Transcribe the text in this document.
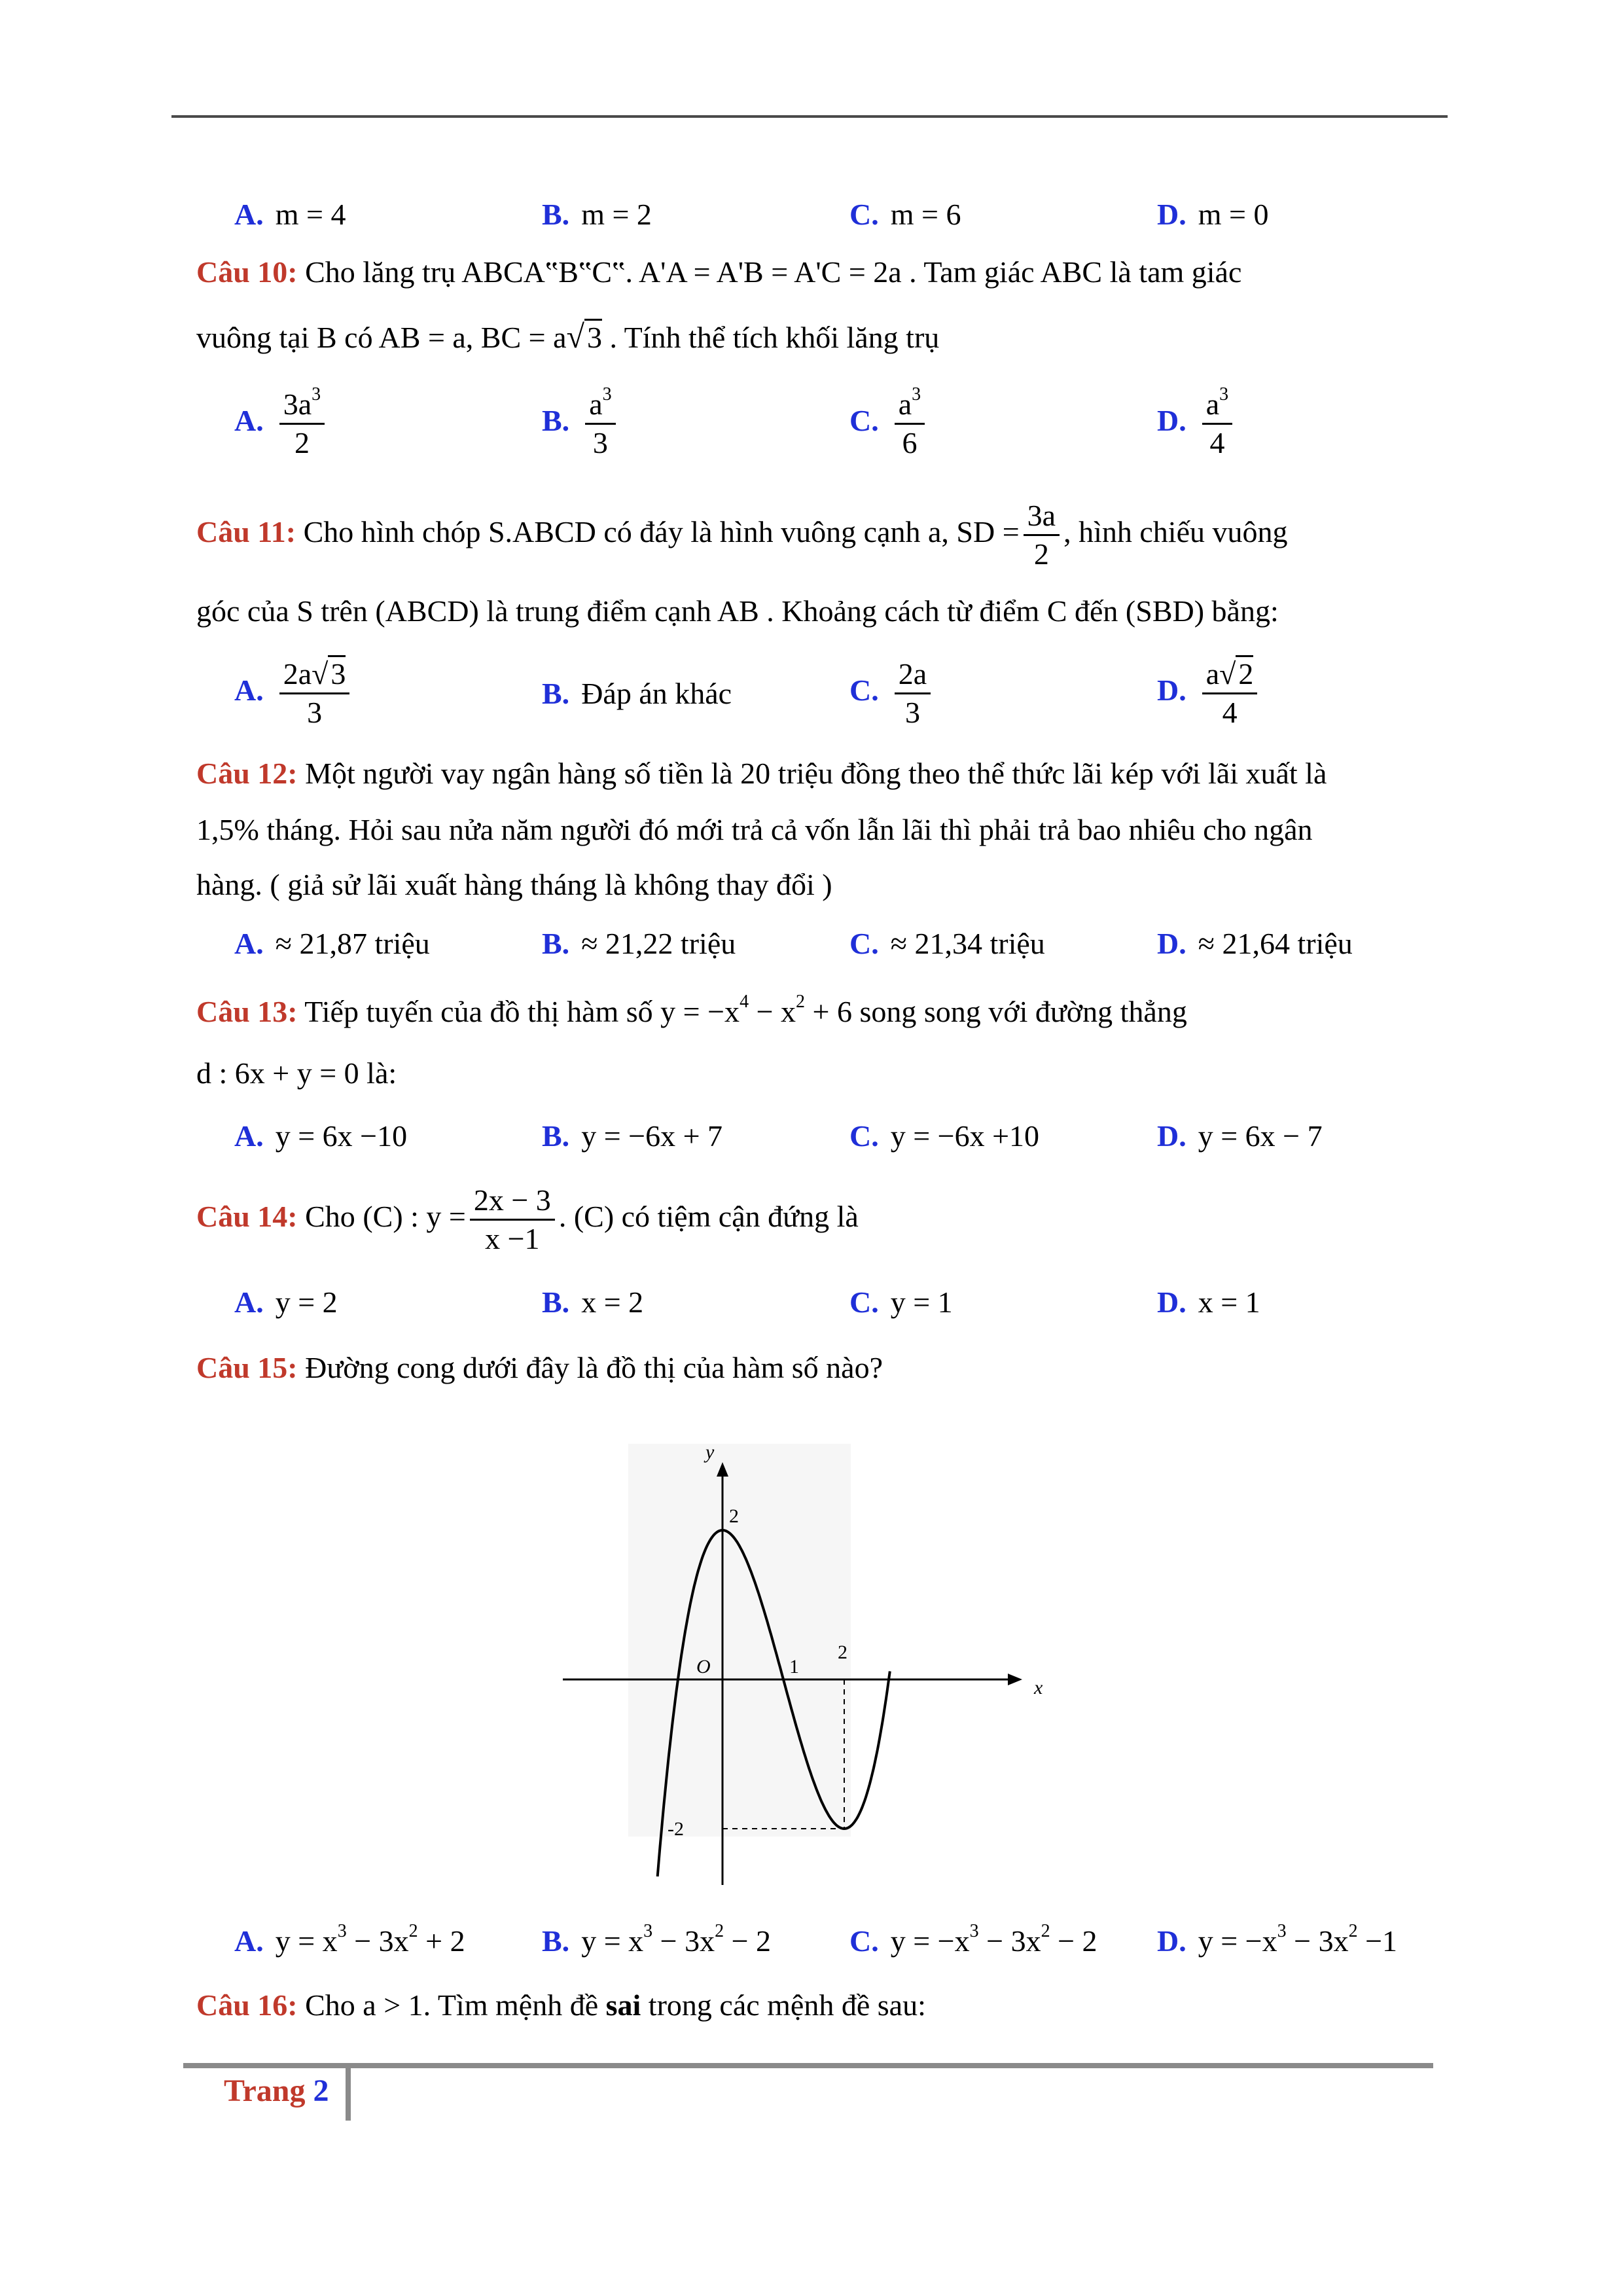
A. m = 4	B. m = 2	C. m = 6	D. m = 0
Câu 10: Cho lăng trụ ABCA‟B‟C‟. A'A = A'B = A'C = 2a . Tam giác ABC là tam giác
vuông tại B có AB = a, BC = a√3 . Tính thể tích khối lăng trụ
A. $\frac{3a^3}{2}$	B. $\frac{a^3}{3}$	C. $\frac{a^3}{6}$	D. $\frac{a^3}{4}$
Câu 11: Cho hình chóp S.ABCD có đáy là hình vuông cạnh a, SD = $\frac{3a}{2}$ , hình chiếu vuông
góc của S trên (ABCD) là trung điểm cạnh AB . Khoảng cách từ điểm C đến (SBD) bằng:
A. $\frac{2a√3}{3}$	B. Đáp án khác	C. $\frac{2a}{3}$	D. $\frac{a√2}{4}$
Câu 12: Một người vay ngân hàng số tiền là 20 triệu đồng theo thể thức lãi kép với lãi xuất là
1,5% tháng. Hỏi sau nửa năm người đó mới trả cả vốn lẫn lãi thì phải trả bao nhiêu cho ngân
hàng. ( giả sử lãi xuất hàng tháng là không thay đổi )
A. ≈ 21,87 triệu	B. ≈ 21,22 triệu	C. ≈ 21,34 triệu	D. ≈ 21,64 triệu
Câu 13: Tiếp tuyến của đồ thị hàm số $y = -x^4 - x^2 + 6$ song song với đường thẳng
d : 6x + y = 0 là:
A. y = 6x −10	B. y = −6x + 7	C. y = −6x +10	D. y = 6x − 7
Câu 14: Cho (C) : $y = \frac{2x - 3}{x -1}$ . (C) có tiệm cận đứng là
A. y = 2	B. x = 2	C. y = 1	D. x = 1
Câu 15: Đường cong dưới đây là đồ thị của hàm số nào?
y
x
O
2
-2
1
2
A. $y = x^3 - 3x^2 + 2$	B. $y = x^3 - 3x^2 - 2$	C. $y = -x^3 - 3x^2 - 2$ D. $y = -x^3 - 3x^2 -1$
Câu 16: Cho a > 1. Tìm mệnh đề sai trong các mệnh đề sau:
Trang 2
